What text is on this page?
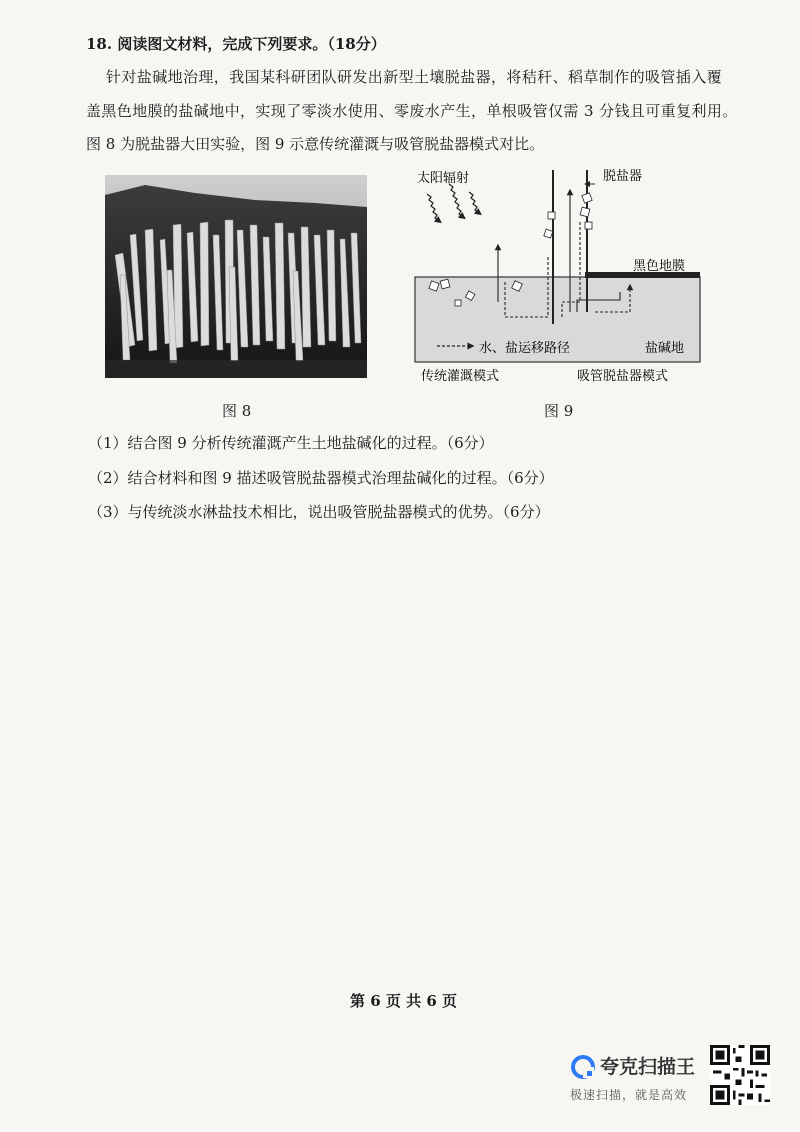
18. 阅读图文材料，完成下列要求。（18分）
针对盐碱地治理，我国某科研团队研发出新型土壤脱盐器，将秸秆、稻草制作的吸管插入覆
盖黑色地膜的盐碱地中，实现了零淡水使用、零废水产生，单根吸管仅需 3 分钱且可重复利用。
图 8 为脱盐器大田实验，图 9 示意传统灌溉与吸管脱盐器模式对比。
图 8
太阳辐射	脱盐器
黑色地膜
水、盐运移路径	盐碱地
传统灌溉模式	吸管脱盐器模式
图 9
（1）结合图 9 分析传统灌溉产生土地盐碱化的过程。（6分）
（2）结合材料和图 9 描述吸管脱盐器模式治理盐碱化的过程。（6分）
（3）与传统淡水淋盐技术相比，说出吸管脱盐器模式的优势。（6分）
第 6 页 共 6 页
夸克扫描王
极速扫描，就是高效
